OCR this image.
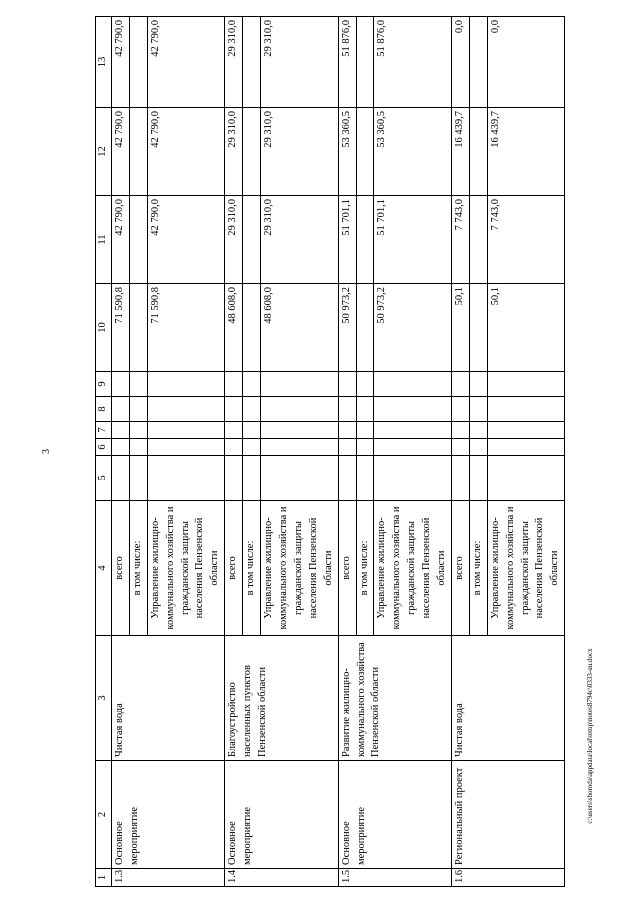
3
c:\users\sboroda\appdata\local\temp\notes8794c\0333-uu.docx
1	2	3	4	5	6	7	8	9	10	11	12	13
1.3.	Основное мероприятие	Чистая вода	всего						71 590,8	42 790,0	42 790,0	42 790,0
			в том числе:									
			Управление жилищно-коммунального хозяйства и гражданской защиты населения Пензенской области						71 590,8	42 790,0	42 790,0	42 790,0
1.4.	Основное мероприятие	Благоустройство населенных пунктов Пензенской области	всего						48 608,0	29 310,0	29 310,0	29 310,0
			в том числе:									
			Управление жилищно-коммунального хозяйства и гражданской защиты населения Пензенской области						48 608,0	29 310,0	29 310,0	29 310,0
1.5.	Основное мероприятие	Развитие жилищно-коммунального хозяйства Пензенской области	всего						50 973,2	51 701,1	53 360,5	51 876,0
			в том числе:									
			Управление жилищно-коммунального хозяйства и гражданской защиты населения Пензенской области						50 973,2	51 701,1	53 360,5	51 876,0
1.6.	Региональный проект	Чистая вода	всего						50,1	7 743,0	16 439,7	0,0
			в том числе:									
			Управление жилищно-коммунального хозяйства и гражданской защиты населения Пензенской области						50,1	7 743,0	16 439,7	0,0
